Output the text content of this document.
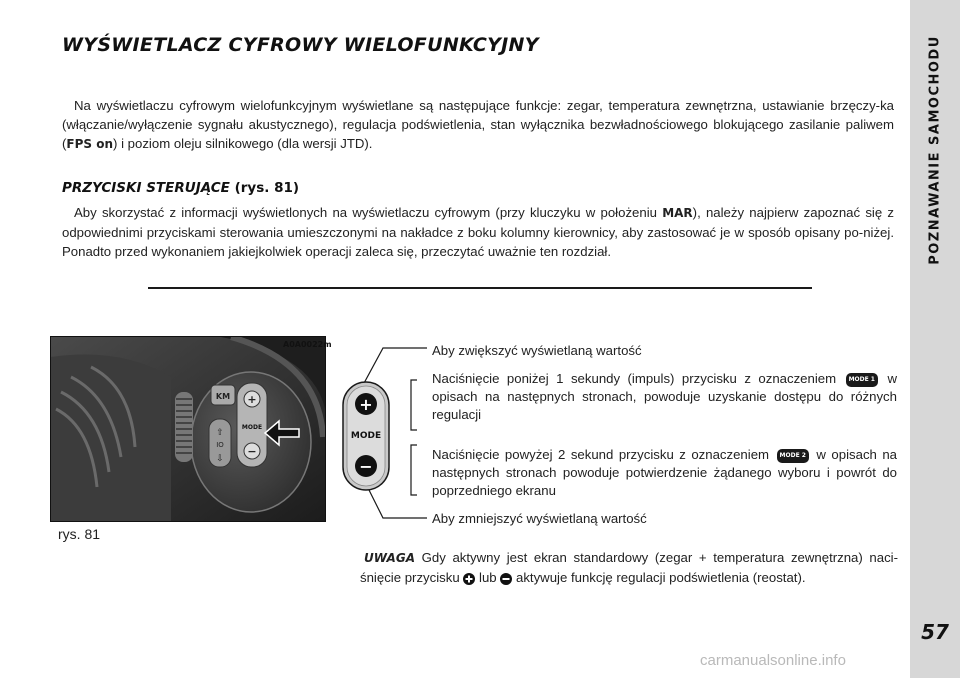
WYŚWIETLACZ CYFROWY WIELOFUNKCYJNY
Na wyświetlaczu cyfrowym wielofunkcyjnym wyświetlane są następujące funkcje: zegar, temperatura zewnętrzna, ustawianie brzęczy-ka (włączanie/wyłączenie sygnału akustycznego), regulacja podświetlenia, stan wyłącznika bezwładnościowego blokującego zasilanie paliwem (FPS on) i poziom oleju silnikowego (dla wersji JTD).
PRZYCISKI STERUJĄCE (rys. 81)
Aby skorzystać z informacji wyświetlonych na wyświetlaczu cyfrowym (przy kluczyku w położeniu MAR), należy najpierw zapoznać się z odpowiednimi przyciskami sterowania umieszczonymi na nakładce z boku kolumny kierownicy, aby zastosować je w sposób opisany po-niżej. Ponadto przed wykonaniem jakiejkolwiek operacji zaleca się, przeczytać uważnie ten rozdział.
KM
⇧
IO
⇩
+
MODE
−
A0A0022m
rys. 81
+
MODE
−
Aby zwiększyć wyświetlaną wartość
Naciśnięcie poniżej 1 sekundy (impuls) przycisku z oznaczeniem MODE 1 w opisach na następnych stronach, powoduje uzyskanie dostępu do różnych regulacji
Naciśnięcie powyżej 2 sekund przycisku z oznaczeniem MODE 2 w opisach na następnych stronach powoduje potwierdzenie żądanego wyboru i powrót do poprzedniego ekranu
Aby zmniejszyć wyświetlaną wartość
UWAGA Gdy aktywny jest ekran standardowy (zegar + temperatura zewnętrzna) naci-śnięcie przycisku lub aktywuje funkcję regulacji podświetlenia (reostat).
POZNAWANIE SAMOCHODU
57
carmanualsonline.info
